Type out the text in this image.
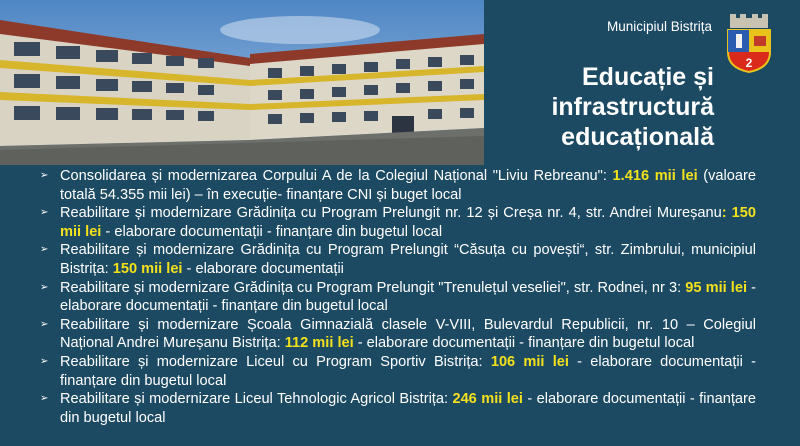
Municipiul Bistrița
2
Educație și
infrastructură
educațională
➢ Consolidarea și modernizarea Corpului A de la Colegiul Național "Liviu Rebreanu": 1.416 mii lei (valoare totală 54.355 mii lei) – în execuție- finanțare CNI și buget local
➢ Reabilitare și modernizare Grădinița cu Program Prelungit nr. 12 și Creșa nr. 4, str. Andrei Mureșanu: 150 mii lei - elaborare documentații - finanțare din bugetul local
➢ Reabilitare și modernizare Grădinița cu Program Prelungit “Căsuța cu povești“, str. Zimbrului, municipiul Bistrița: 150 mii lei - elaborare documentații
➢ Reabilitare și modernizare Grădinița cu Program Prelungit "Trenulețul veseliei", str. Rodnei, nr 3: 95 mii lei - elaborare documentații - finanțare din bugetul local
➢ Reabilitare și modernizare Școala Gimnazială clasele V-VIII, Bulevardul Republicii, nr. 10 – Colegiul Național Andrei Mureșanu Bistrița: 112 mii lei - elaborare documentații - finanțare din bugetul local
➢ Reabilitare și modernizare Liceul cu Program Sportiv Bistrița: 106 mii lei - elaborare documentații - finanțare din bugetul local
➢ Reabilitare și modernizare Liceul Tehnologic Agricol Bistrița: 246 mii lei - elaborare documentații - finanțare din bugetul local
